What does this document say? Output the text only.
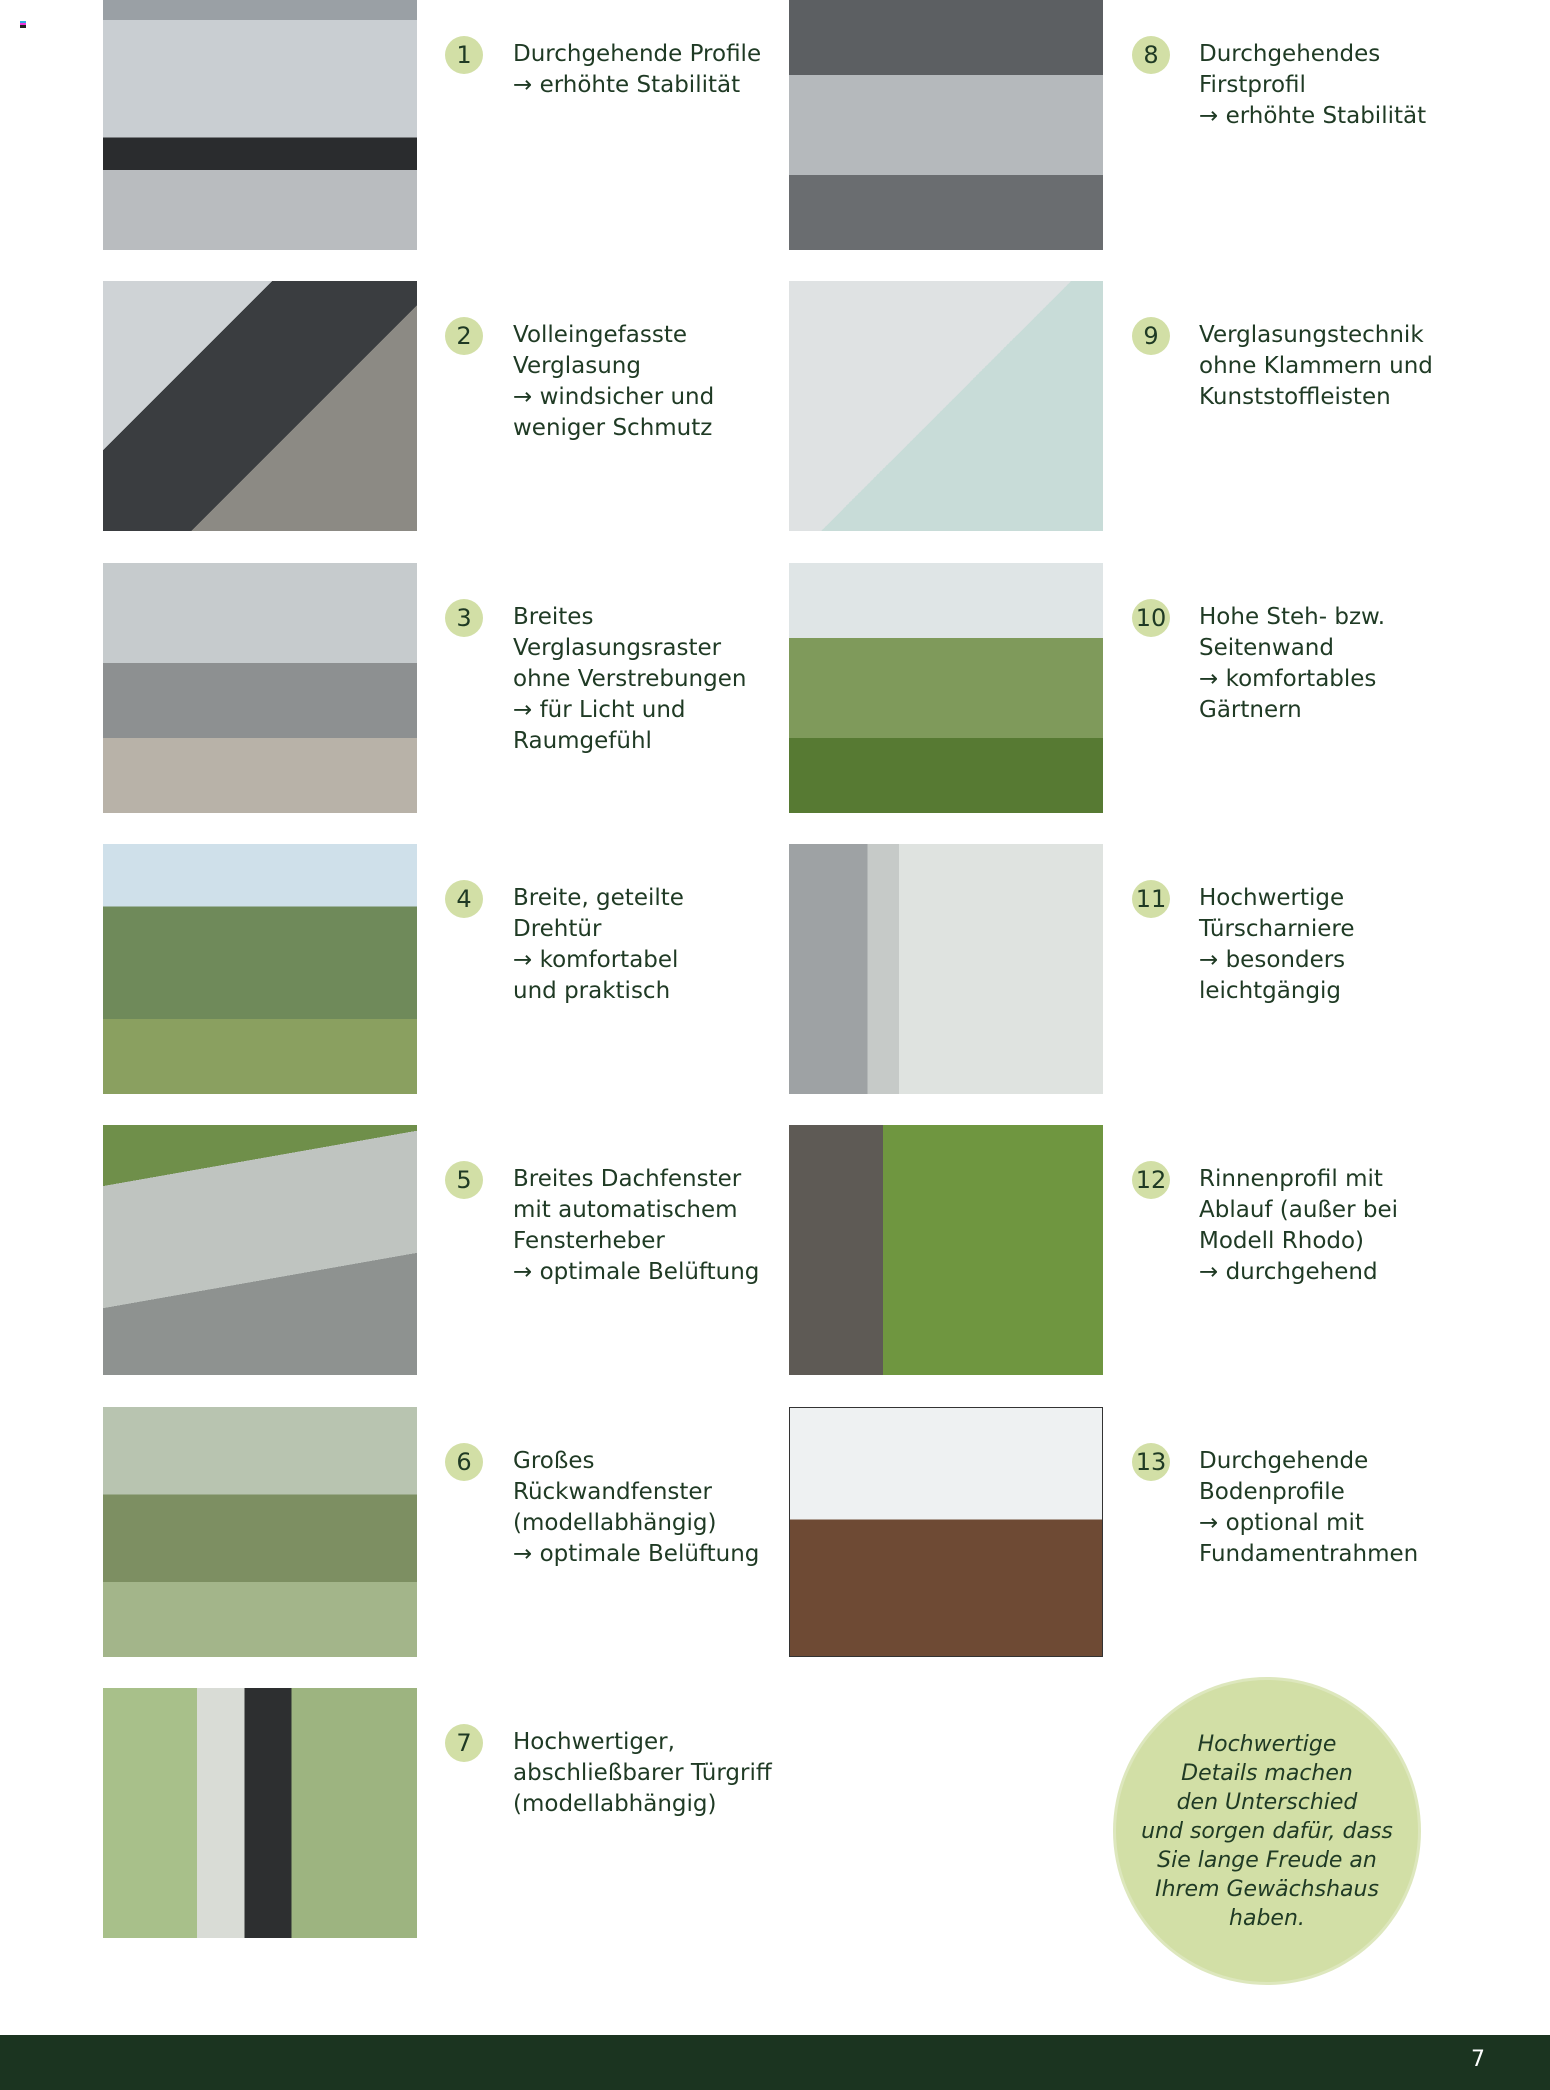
1	Durchgehende Profile
→ erhöhte Stabilität
2	Volleingefasste
Verglasung
→ windsicher und
weniger Schmutz
3	Breites
Verglasungsraster
ohne Verstrebungen
→ für Licht und
Raumgefühl
4	Breite, geteilte
Drehtür
→ komfortabel
und praktisch
5	Breites Dachfenster
mit automatischem
Fensterheber
→ optimale Belüftung
6	Großes
Rückwandfenster
(modellabhängig)
→ optimale Belüftung
7	Hochwertiger,
abschließbarer Türgriff
(modellabhängig)
8	Durchgehendes
Firstprofil
→ erhöhte Stabilität
9	Verglasungstechnik
ohne Klammern und
Kunststoffleisten
10 Hohe Steh- bzw.
Seitenwand
→ komfortables
Gärtnern
11 Hochwertige
Türscharniere
→ besonders
leichtgängig
12 Rinnenprofil mit
Ablauf (außer bei
Modell Rhodo)
→ durchgehend
13 Durchgehende
Bodenprofile
→ optional mit
Fundamentrahmen
Hochwertige
Details machen
den Unterschied
und sorgen dafür, dass
Sie lange Freude an
Ihrem Gewächshaus
haben.
7
